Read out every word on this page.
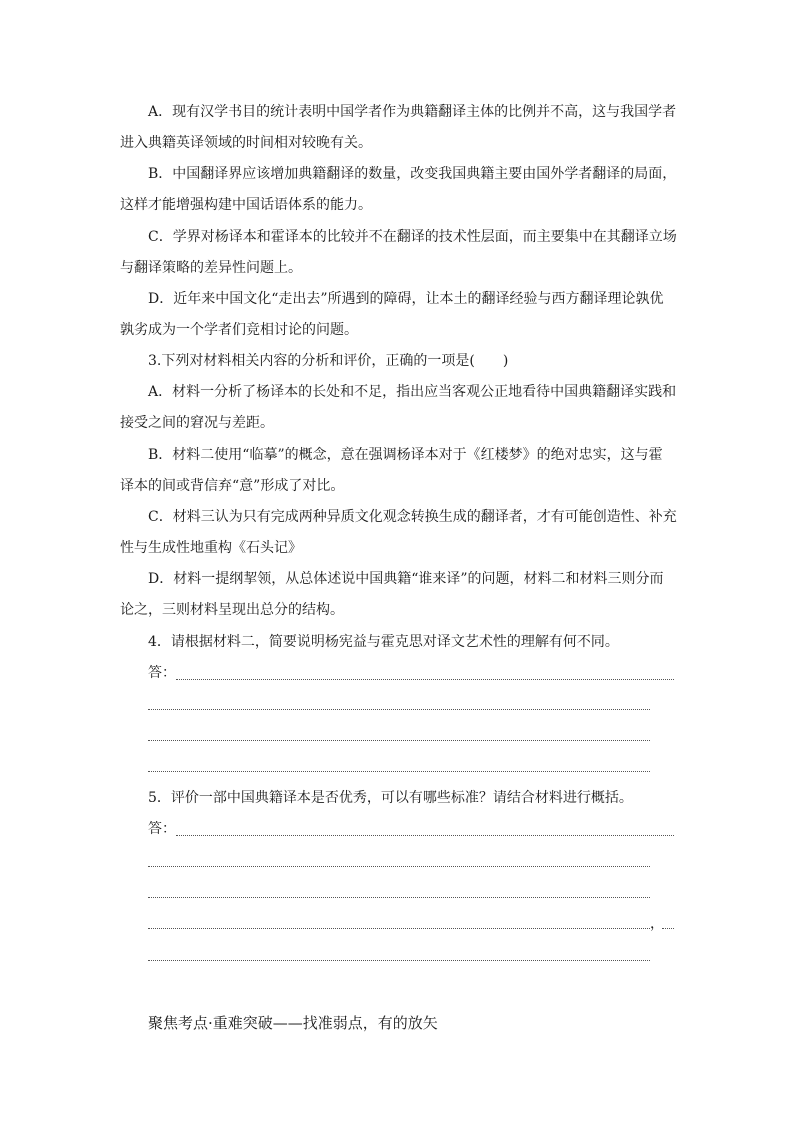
A．现有汉学书目的统计表明中国学者作为典籍翻译主体的比例并不高，这与我国学者
进入典籍英译领域的时间相对较晚有关。
B．中国翻译界应该增加典籍翻译的数量，改变我国典籍主要由国外学者翻译的局面，
这样才能增强构建中国话语体系的能力。
C．学界对杨译本和霍译本的比较并不在翻译的技术性层面，而主要集中在其翻译立场
与翻译策略的差异性问题上。
D．近年来中国文化“走出去”所遇到的障碍，让本土的翻译经验与西方翻译理论孰优
孰劣成为一个学者们竞相讨论的问题。
3.下列对材料相关内容的分析和评价，正确的一项是(　　)
A．材料一分析了杨译本的长处和不足，指出应当客观公正地看待中国典籍翻译实践和
接受之间的窘况与差距。
B．材料二使用“临摹”的概念，意在强调杨译本对于《红楼梦》的绝对忠实，这与霍
译本的间或背信弃“意”形成了对比。
C．材料三认为只有完成两种异质文化观念转换生成的翻译者，才有可能创造性、补充
性与生成性地重构《石头记》
D．材料一提纲挈领，从总体述说中国典籍“谁来译”的问题，材料二和材料三则分而
论之，三则材料呈现出总分的结构。
4．请根据材料二，简要说明杨宪益与霍克思对译文艺术性的理解有何不同。
答：
5．评价一部中国典籍译本是否优秀，可以有哪些标准？请结合材料进行概括。
答：
，
聚焦考点·重难突破——找准弱点，有的放矢
